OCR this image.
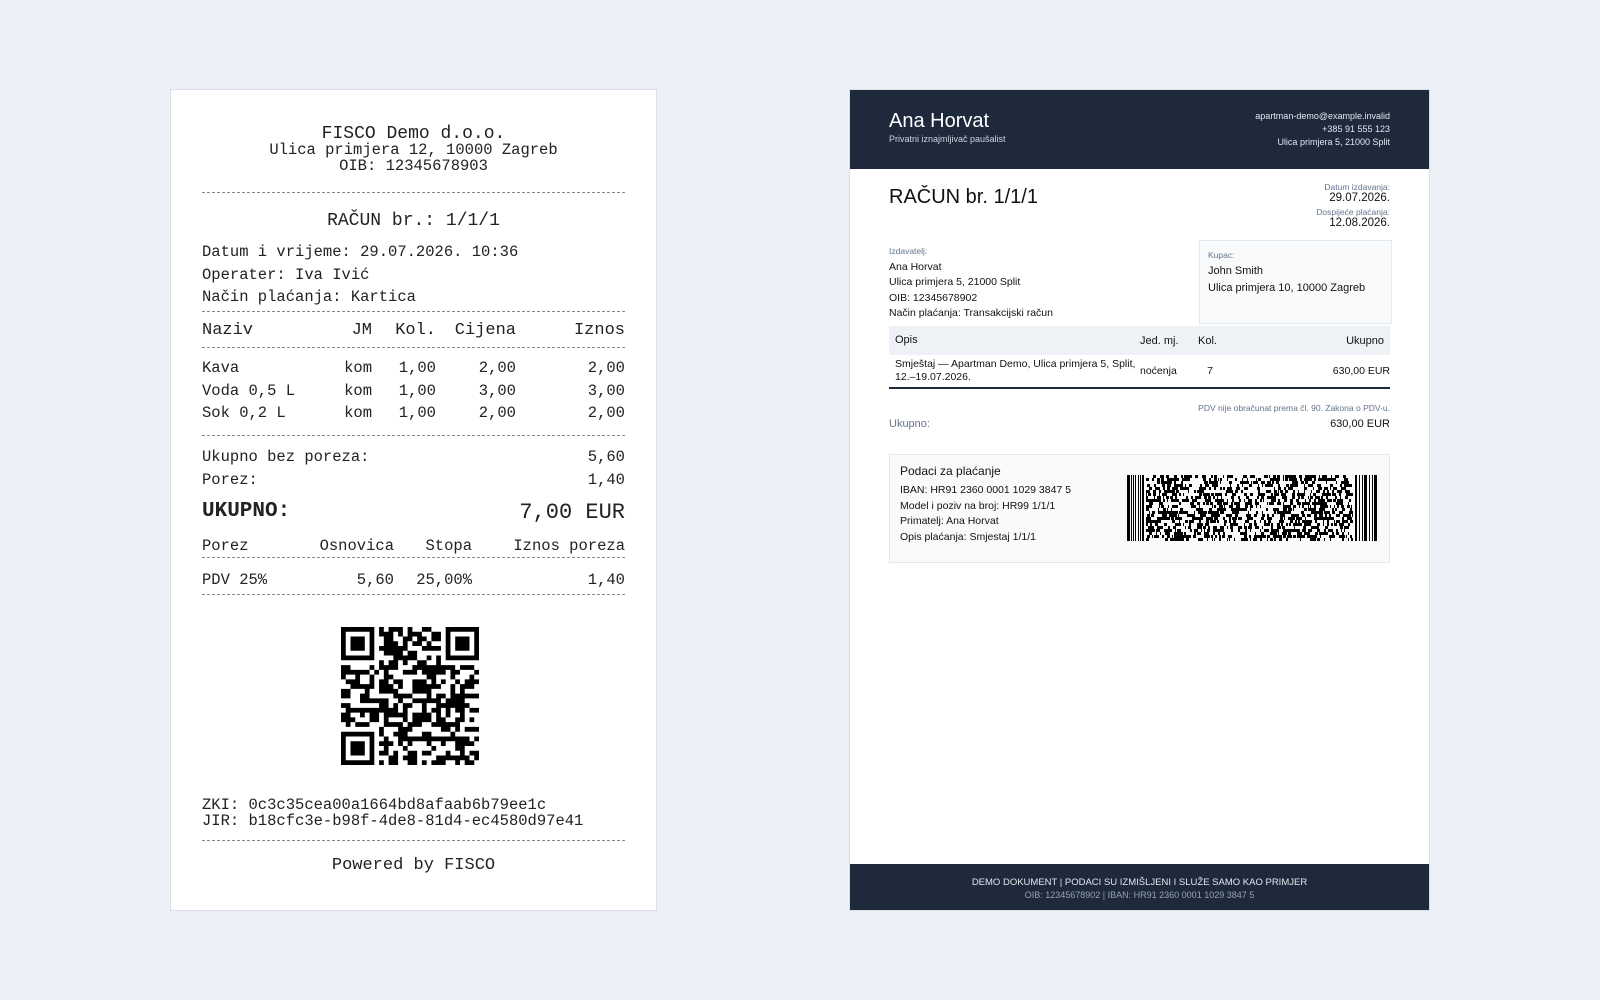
FISCO Demo d.o.o.
Ulica primjera 12, 10000 Zagreb
OIB: 12345678903
RAČUN br.: 1/1/1
Datum i vrijeme: 29.07.2026. 10:36
Operater: Iva Ivić
Način plaćanja: Kartica
Naziv	JM	Kol.	Cijena	Iznos
Kava	kom	1,00	2,00	2,00
Voda 0,5 L	kom	1,00	3,00	3,00
Sok 0,2 L	kom	1,00	2,00	2,00
Ukupno bez poreza:	5,60
Porez:	1,40
UKUPNO:	7,00 EUR
Porez	Osnovica	Stopa	Iznos poreza
PDV 25%	5,60	25,00%	1,40
ZKI: 0c3c35cea00a1664bd8afaab6b79ee1c
JIR: b18cfc3e-b98f-4de8-81d4-ec4580d97e41
Powered by FISCO
Ana Horvat
Privatni iznajmljivač paušalist
apartman-demo@example.invalid
+385 91 555 123
Ulica primjera 5, 21000 Split
RAČUN br. 1/1/1	Datum izdavanja:
29.07.2026.
Dospijeće plaćanja:
12.08.2026.
Izdavatelj:
Ana Horvat
Ulica primjera 5, 21000 Split
OIB: 12345678902
Način plaćanja: Transakcijski račun
Kupac:
John Smith
Ulica primjera 10, 10000 Zagreb
Opis	Jed. mj.	Kol.	Ukupno
Smještaj — Apartman Demo, Ulica primjera 5, Split, 12.–19.07.2026.	noćenja	7	630,00 EUR
PDV nije obračunat prema čl. 90. Zakona o PDV-u.
Ukupno:	630,00 EUR
Podaci za plaćanje
IBAN: HR91 2360 0001 1029 3847 5
Model i poziv na broj: HR99 1/1/1
Primatelj: Ana Horvat
Opis plaćanja: Smjestaj 1/1/1
DEMO DOKUMENT | PODACI SU IZMIŠLJENI I SLUŽE SAMO KAO PRIMJER
OIB: 12345678902 | IBAN: HR91 2360 0001 1029 3847 5
